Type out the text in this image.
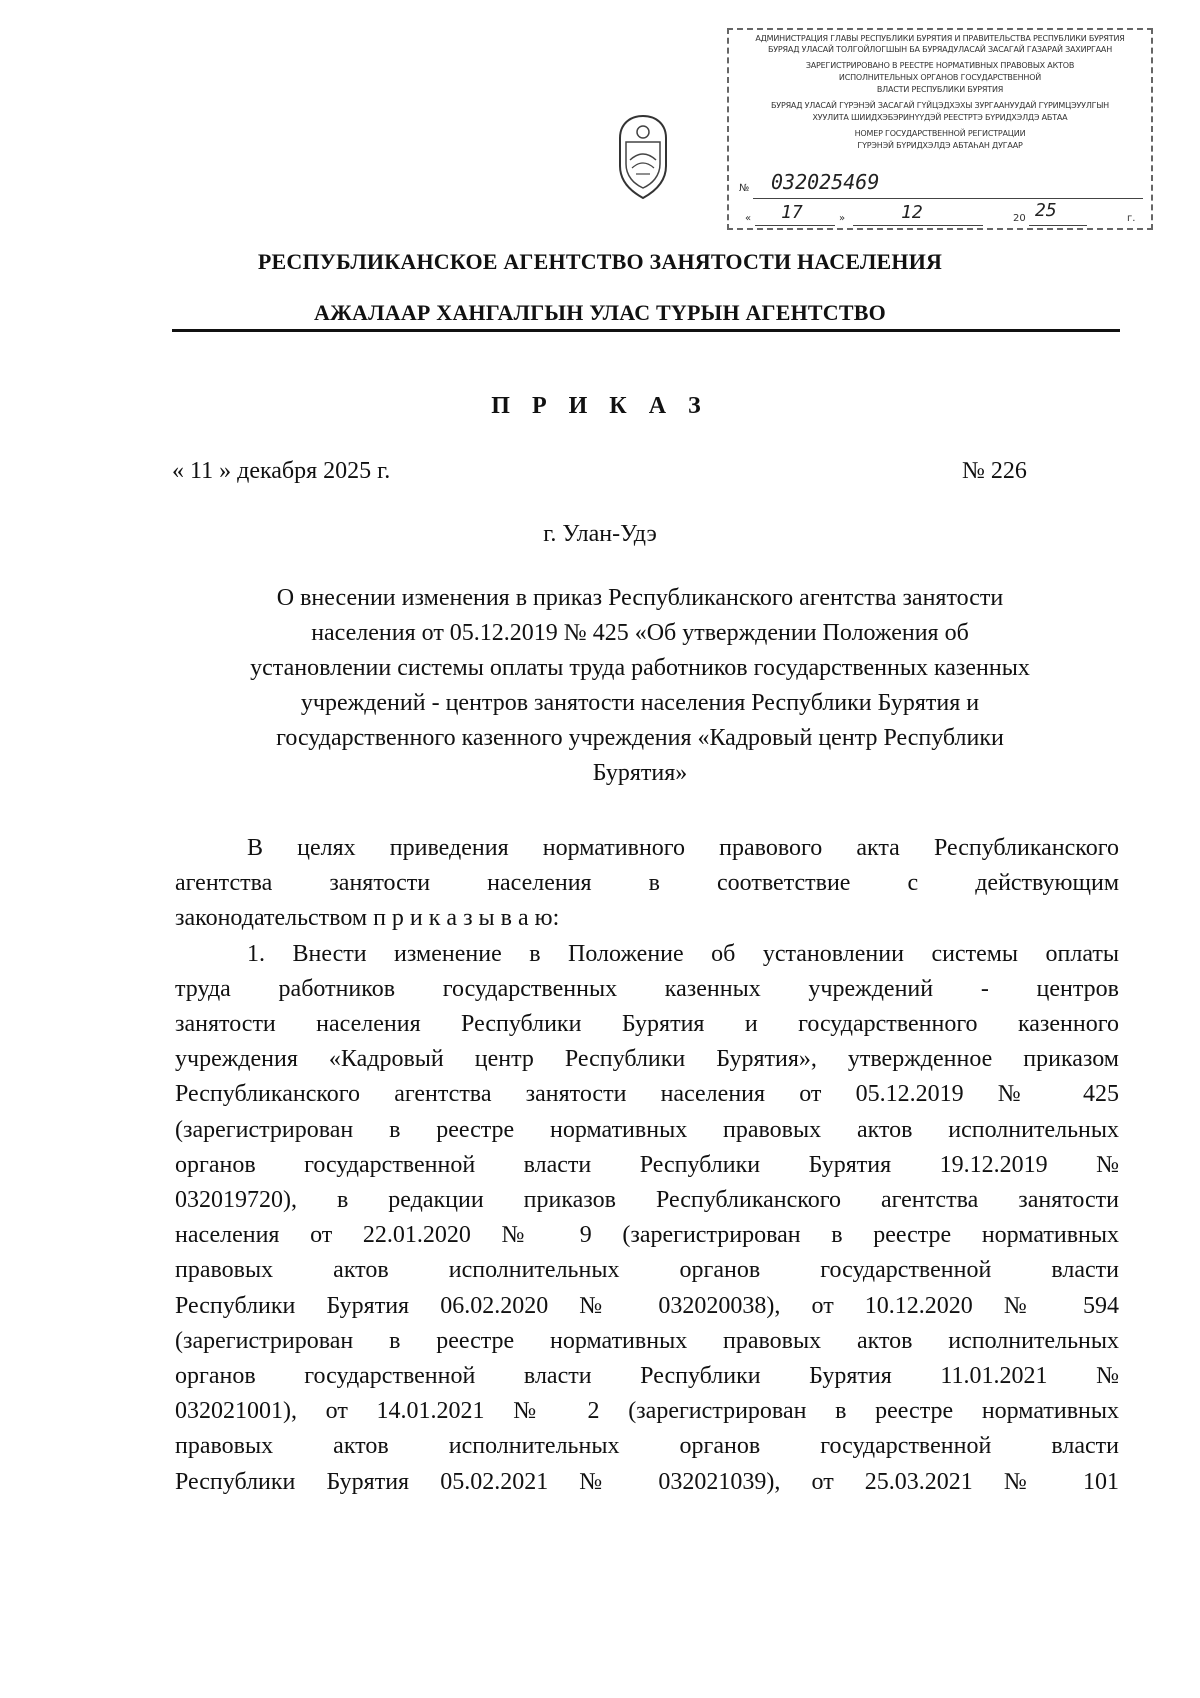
АДМИНИСТРАЦИЯ ГЛАВЫ РЕСПУБЛИКИ БУРЯТИЯ И ПРАВИТЕЛЬСТВА РЕСПУБЛИКИ БУРЯТИЯ
БУРЯАД УЛАСАЙ ТОЛГОЙЛОГШЫН БА БУРЯАДУЛАСАЙ ЗАСАГАЙ ГАЗАРАЙ ЗАХИРГААН
ЗАРЕГИСТРИРОВАНО В РЕЕСТРЕ НОРМАТИВНЫХ ПРАВОВЫХ АКТОВ
ИСПОЛНИТЕЛЬНЫХ ОРГАНОВ ГОСУДАРСТВЕННОЙ
ВЛАСТИ РЕСПУБЛИКИ БУРЯТИЯ
БУРЯАД УЛАСАЙ ГҮРЭНЭЙ ЗАСАГАЙ ГҮЙЦЭДХЭХЫ ЗУРГААНУУДАЙ ГҮРИМЦЭУУЛГЫН
ХУУЛИТА ШИИДХЭБЭРИНҮҮДЭЙ РЕЕСТРТЭ БҮРИДХЭЛДЭ АБТАА
НОМЕР ГОСУДАРСТВЕННОЙ РЕГИСТРАЦИИ
ГҮРЭНЭЙ БҮРИДХЭЛДЭ АБТАҺАН ДУГААР
№ 032025469
« 17	»	12	20 25	г.
РЕСПУБЛИКАНСКОЕ АГЕНТСТВО ЗАНЯТОСТИ НАСЕЛЕНИЯ
АЖАЛААР ХАНГАЛГЫН УЛАС ТҮРЫН АГЕНТСТВО
П Р И К А З
« 11 » декабря 2025 г.	№ 226
г. Улан-Удэ
О внесении изменения в приказ Республиканского агентства занятости
населения от 05.12.2019 № 425 «Об утверждении Положения об
установлении системы оплаты труда работников государственных казенных
учреждений - центров занятости населения Республики Бурятия и
государственного казенного учреждения «Кадровый центр Республики
Бурятия»
В целях приведения нормативного правового акта Республиканского
агентства занятости населения в соответствие с действующим
законодательством п р и к а з ы в а ю:
1. Внести изменение в Положение об установлении системы оплаты
труда работников государственных казенных учреждений - центров
занятости населения Республики Бурятия и государственного казенного
учреждения «Кадровый центр Республики Бурятия», утвержденное приказом
Республиканского агентства занятости населения от 05.12.2019 № 425
(зарегистрирован в реестре нормативных правовых актов исполнительных
органов государственной власти Республики Бурятия 19.12.2019 №
032019720), в редакции приказов Республиканского агентства занятости
населения от 22.01.2020 № 9 (зарегистрирован в реестре нормативных
правовых актов исполнительных органов государственной власти
Республики Бурятия 06.02.2020 № 032020038), от 10.12.2020 № 594
(зарегистрирован в реестре нормативных правовых актов исполнительных
органов государственной власти Республики Бурятия 11.01.2021 №
032021001), от 14.01.2021 № 2 (зарегистрирован в реестре нормативных
правовых актов исполнительных органов государственной власти
Республики Бурятия 05.02.2021 № 032021039), от 25.03.2021 № 101
